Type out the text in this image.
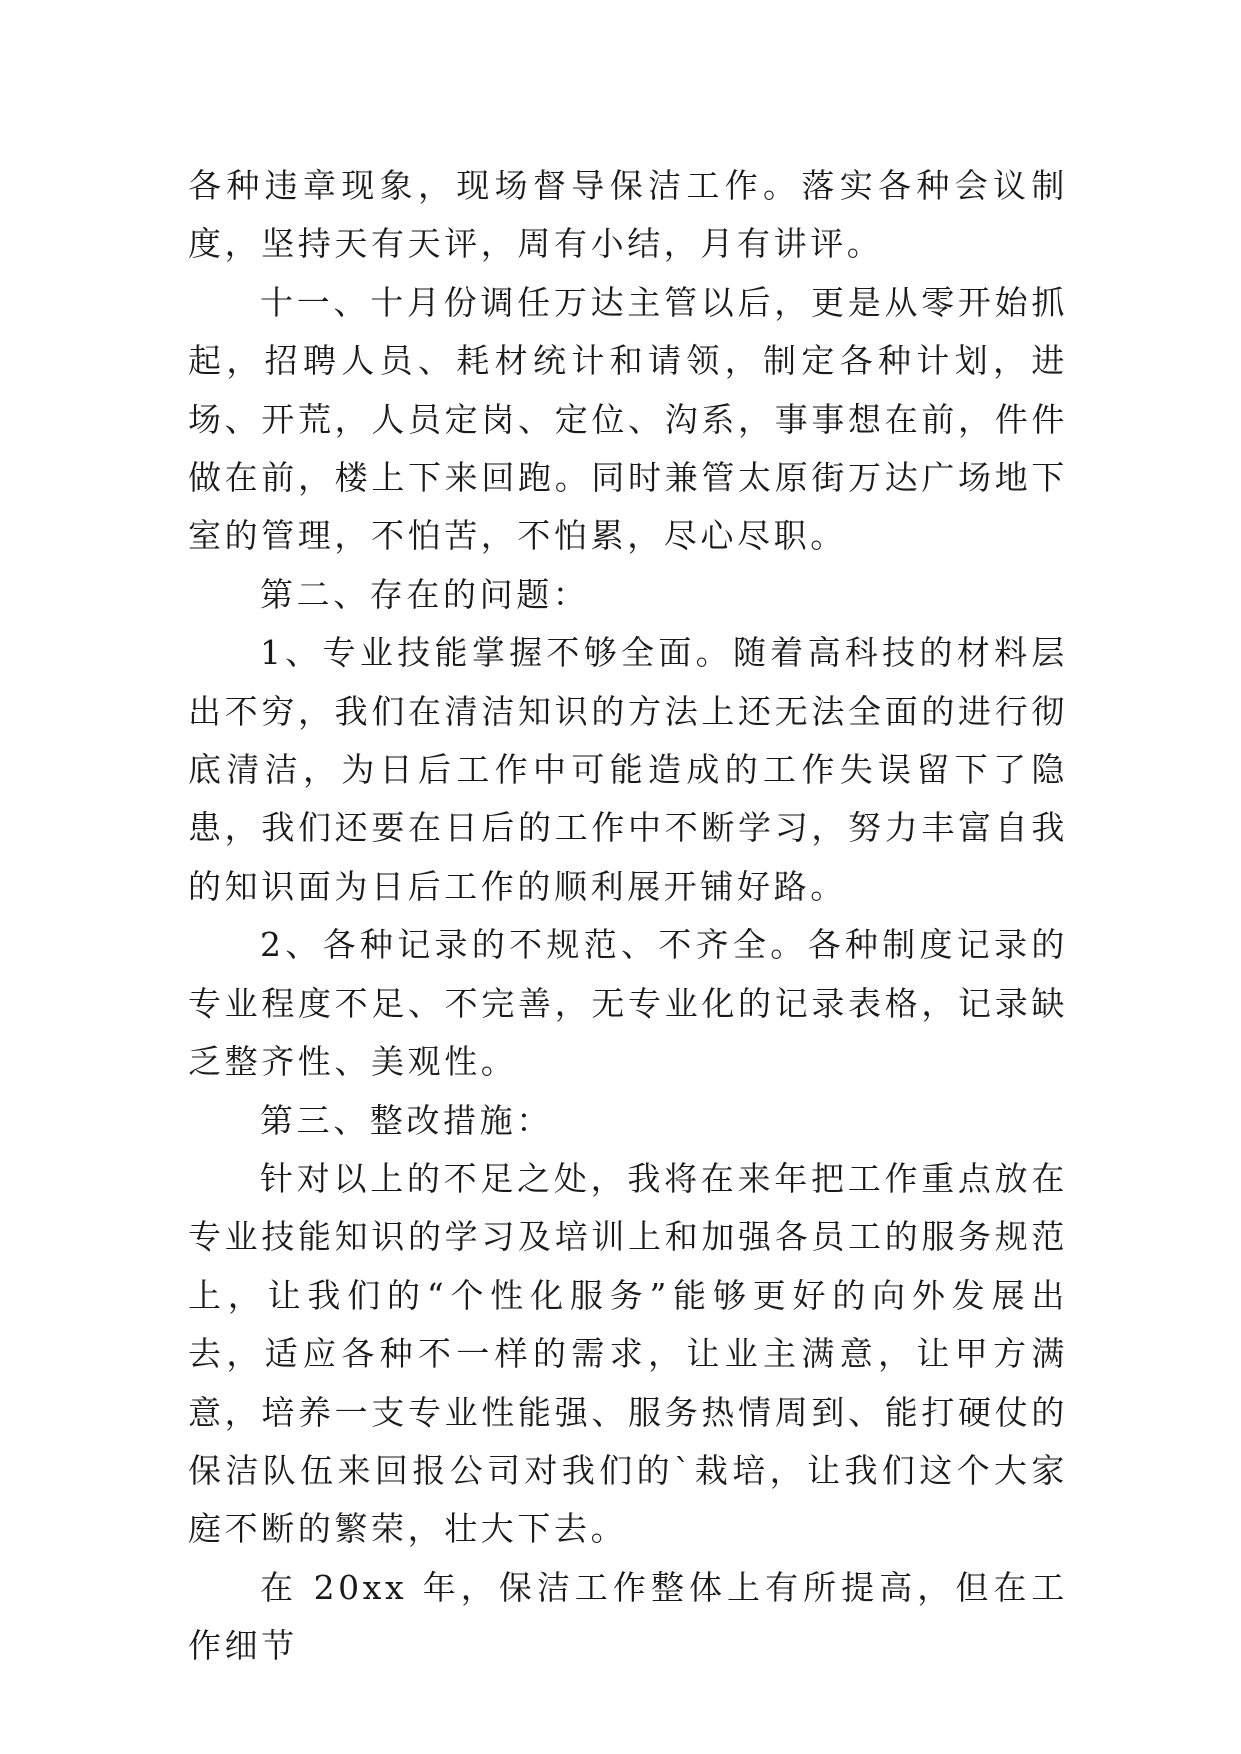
各种违章现象，现场督导保洁工作。落实各种会议制度，坚持天有天评，周有小结，月有讲评。

十一、十月份调任万达主管以后，更是从零开始抓起，招聘人员、耗材统计和请领，制定各种计划，进场、开荒，人员定岗、定位、沟系，事事想在前，件件做在前，楼上下来回跑。同时兼管太原街万达广场地下室的管理，不怕苦，不怕累，尽心尽职。

第二、存在的问题：

1、专业技能掌握不够全面。随着高科技的材料层出不穷，我们在清洁知识的方法上还无法全面的进行彻底清洁，为日后工作中可能造成的工作失误留下了隐患，我们还要在日后的工作中不断学习，努力丰富自我的知识面为日后工作的顺利展开铺好路。

2、各种记录的不规范、不齐全。各种制度记录的专业程度不足、不完善，无专业化的记录表格，记录缺乏整齐性、美观性。

第三、整改措施：

针对以上的不足之处，我将在来年把工作重点放在专业技能知识的学习及培训上和加强各员工的服务规范上，让我们的“个性化服务”能够更好的向外发展出去，适应各种不一样的需求，让业主满意，让甲方满意，培养一支专业性能强、服务热情周到、能打硬仗的保洁队伍来回报公司对我们的`栽培，让我们这个大家庭不断的繁荣，壮大下去。

在 20xx 年，保洁工作整体上有所提高，但在工作细节
